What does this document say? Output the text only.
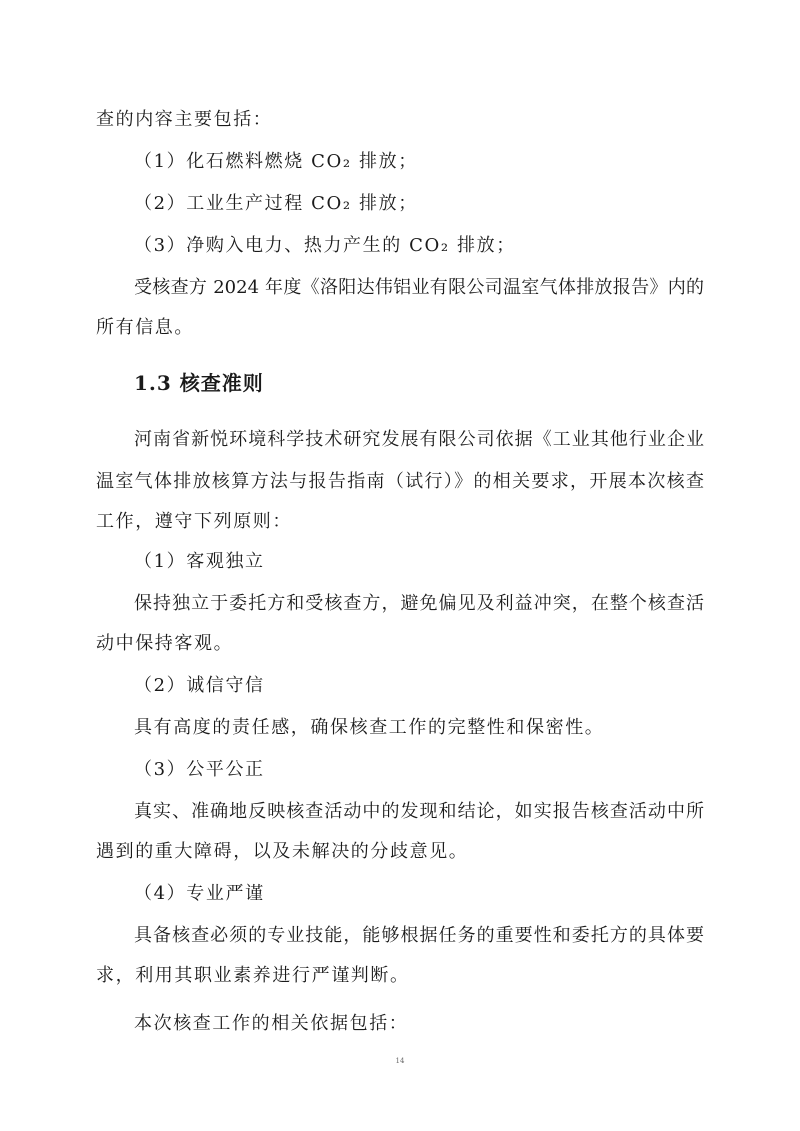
查的内容主要包括：
（1）化石燃料燃烧 CO₂ 排放；
（2）工业生产过程 CO₂ 排放；
（3）净购入电力、热力产生的 CO₂ 排放；
受核查方 2024 年度《洛阳达伟铝业有限公司温室气体排放报告》内的
所有信息。
1.3 核查准则
河南省新悦环境科学技术研究发展有限公司依据《工业其他行业企业
温室气体排放核算方法与报告指南（试行）》的相关要求，开展本次核查
工作，遵守下列原则：
（1）客观独立
保持独立于委托方和受核查方，避免偏见及利益冲突，在整个核查活
动中保持客观。
（2）诚信守信
具有高度的责任感，确保核查工作的完整性和保密性。
（3）公平公正
真实、准确地反映核查活动中的发现和结论，如实报告核查活动中所
遇到的重大障碍，以及未解决的分歧意见。
（4）专业严谨
具备核查必须的专业技能，能够根据任务的重要性和委托方的具体要
求，利用其职业素养进行严谨判断。
本次核查工作的相关依据包括：
14
